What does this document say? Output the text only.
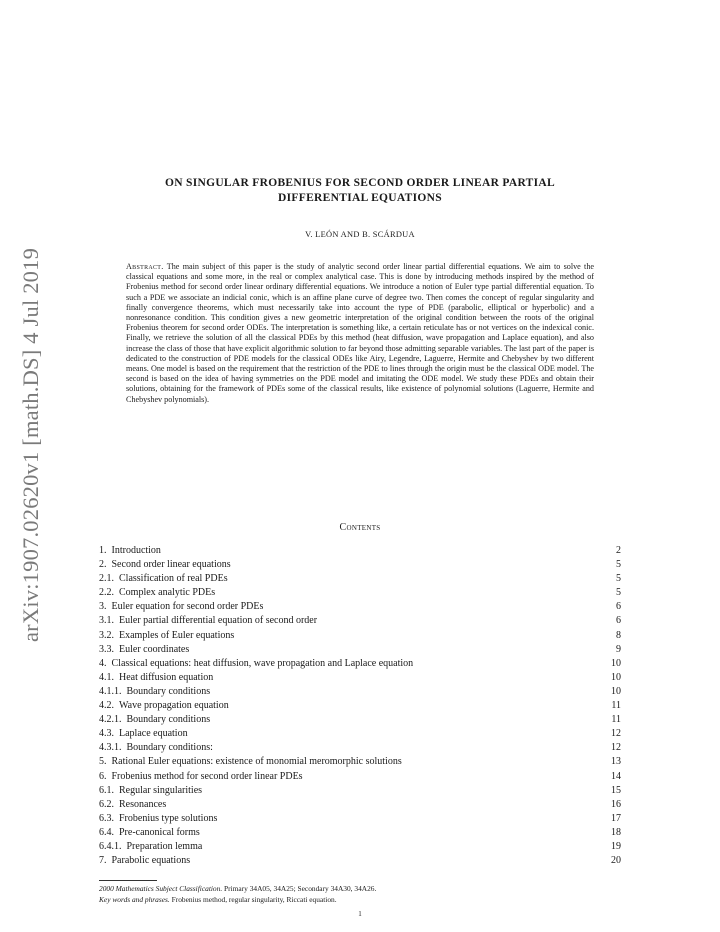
arXiv:1907.02620v1 [math.DS] 4 Jul 2019
ON SINGULAR FROBENIUS FOR SECOND ORDER LINEAR PARTIAL
DIFFERENTIAL EQUATIONS
V. LEÓN AND B. SCÁRDUA
Abstract. The main subject of this paper is the study of analytic second order linear partial differential equations. We aim to solve the classical equations and some more, in the real or complex analytical case. This is done by introducing methods inspired by the method of Frobenius method for second order linear ordinary differential equations. We introduce a notion of Euler type partial differential equation. To such a PDE we associate an indicial conic, which is an affine plane curve of degree two. Then comes the concept of regular singularity and finally convergence theorems, which must necessarily take into account the type of PDE (parabolic, elliptical or hyperbolic) and a nonresonance condition. This condition gives a new geometric interpretation of the original condition between the roots of the original Frobenius theorem for second order ODEs. The interpretation is something like, a certain reticulate has or not vertices on the indexical conic. Finally, we retrieve the solution of all the classical PDEs by this method (heat diffusion, wave propagation and Laplace equation), and also increase the class of those that have explicit algorithmic solution to far beyond those admitting separable variables. The last part of the paper is dedicated to the construction of PDE models for the classical ODEs like Airy, Legendre, Laguerre, Hermite and Chebyshev by two different means. One model is based on the requirement that the restriction of the PDE to lines through the origin must be the classical ODE model. The second is based on the idea of having symmetries on the PDE model and imitating the ODE model. We study these PDEs and obtain their solutions, obtaining for the framework of PDEs some of the classical results, like existence of polynomial solutions (Laguerre, Hermite and Chebyshev polynomials).
Contents
1. Introduction	2
2. Second order linear equations	5
2.1. Classification of real PDEs	5
2.2. Complex analytic PDEs	5
3. Euler equation for second order PDEs	6
3.1. Euler partial differential equation of second order	6
3.2. Examples of Euler equations	8
3.3. Euler coordinates	9
4. Classical equations: heat diffusion, wave propagation and Laplace equation	10
4.1. Heat diffusion equation	10
4.1.1. Boundary conditions	10
4.2. Wave propagation equation	11
4.2.1. Boundary conditions	11
4.3. Laplace equation	12
4.3.1. Boundary conditions:	12
5. Rational Euler equations: existence of monomial meromorphic solutions	13
6. Frobenius method for second order linear PDEs	14
6.1. Regular singularities	15
6.2. Resonances	16
6.3. Frobenius type solutions	17
6.4. Pre-canonical forms	18
6.4.1. Preparation lemma	19
7. Parabolic equations	20
2000 Mathematics Subject Classification. Primary 34A05, 34A25; Secondary 34A30, 34A26.
Key words and phrases. Frobenius method, regular singularity, Riccati equation.
1
